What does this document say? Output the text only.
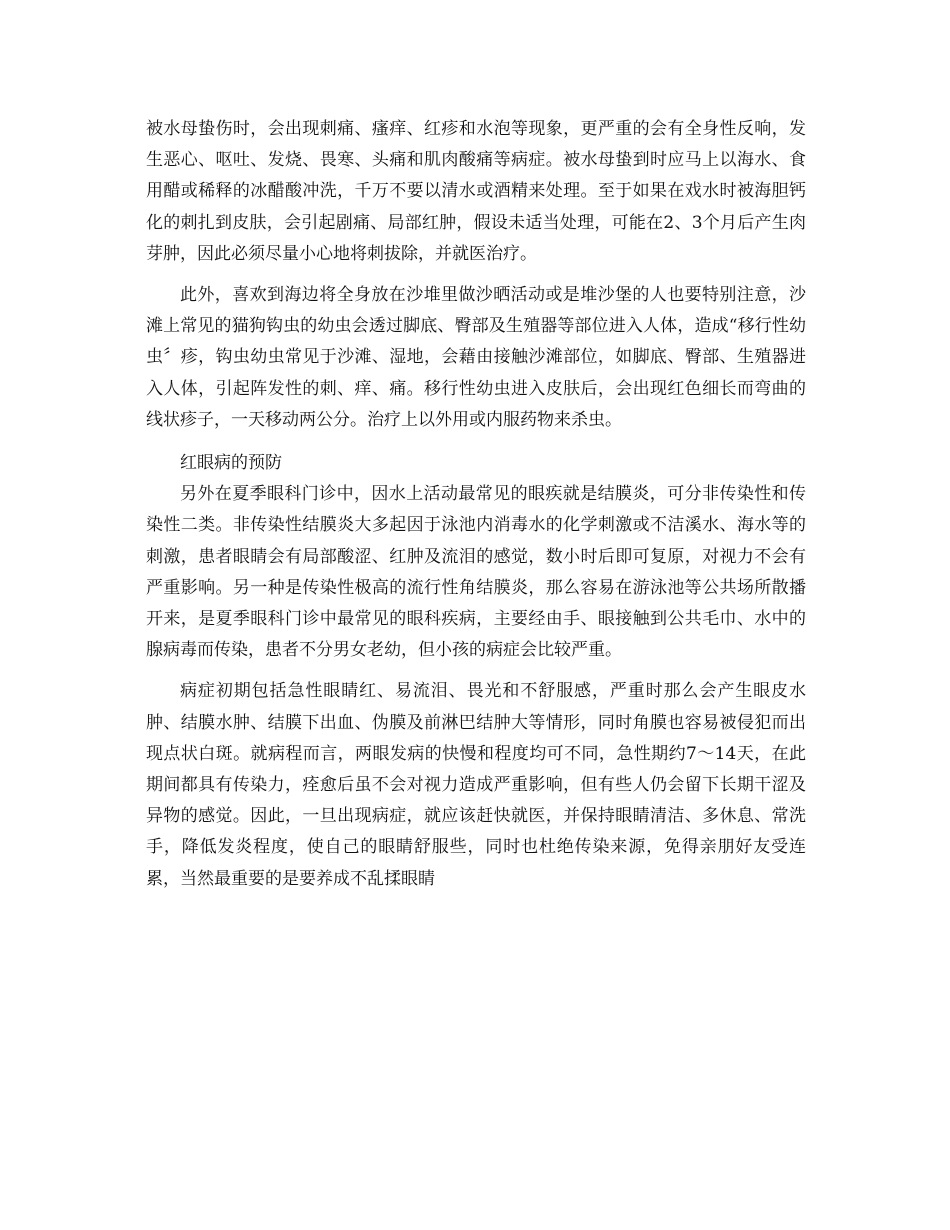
被水母蛰伤时，会出现刺痛、瘙痒、红疹和水泡等现象，更严重的会有全身性反响，发生恶心、呕吐、发烧、畏寒、头痛和肌肉酸痛等病症。被水母蛰到时应马上以海水、食用醋或稀释的冰醋酸冲洗，千万不要以清水或酒精来处理。至于如果在戏水时被海胆钙化的刺扎到皮肤，会引起剧痛、局部红肿，假设未适当处理，可能在2、3个月后产生肉芽肿，因此必须尽量小心地将刺拔除，并就医治疗。

此外，喜欢到海边将全身放在沙堆里做沙晒活动或是堆沙堡的人也要特别注意，沙滩上常见的猫狗钩虫的幼虫会透过脚底、臀部及生殖器等部位进入人体，造成“移行性幼虫〞疹，钩虫幼虫常见于沙滩、湿地，会藉由接触沙滩部位，如脚底、臀部、生殖器进入人体，引起阵发性的刺、痒、痛。移行性幼虫进入皮肤后，会出现红色细长而弯曲的线状疹子，一天移动两公分。治疗上以外用或内服药物来杀虫。

红眼病的预防

另外在夏季眼科门诊中，因水上活动最常见的眼疾就是结膜炎，可分非传染性和传染性二类。非传染性结膜炎大多起因于泳池内消毒水的化学刺激或不洁溪水、海水等的刺激，患者眼睛会有局部酸涩、红肿及流泪的感觉，数小时后即可复原，对视力不会有严重影响。另一种是传染性极高的流行性角结膜炎，那么容易在游泳池等公共场所散播开来，是夏季眼科门诊中最常见的眼科疾病，主要经由手、眼接触到公共毛巾、水中的腺病毒而传染，患者不分男女老幼，但小孩的病症会比较严重。

病症初期包括急性眼睛红、易流泪、畏光和不舒服感，严重时那么会产生眼皮水肿、结膜水肿、结膜下出血、伪膜及前淋巴结肿大等情形，同时角膜也容易被侵犯而出现点状白斑。就病程而言，两眼发病的快慢和程度均可不同，急性期约7～14天，在此期间都具有传染力，痊愈后虽不会对视力造成严重影响，但有些人仍会留下长期干涩及异物的感觉。因此，一旦出现病症，就应该赶快就医，并保持眼睛清洁、多休息、常洗手，降低发炎程度，使自己的眼睛舒服些，同时也杜绝传染来源，免得亲朋好友受连累，当然最重要的是要养成不乱揉眼睛
